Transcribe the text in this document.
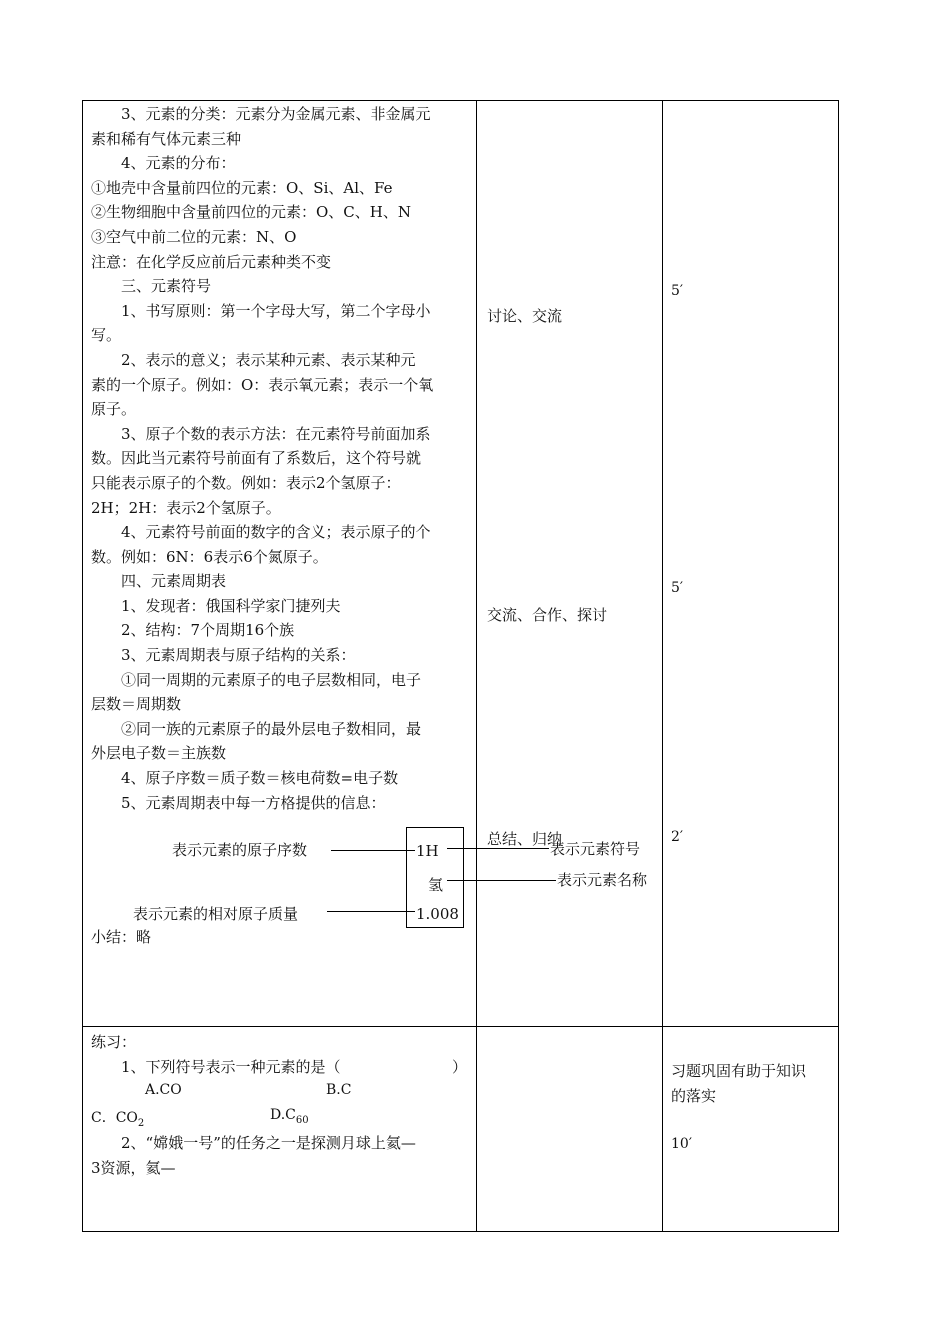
3、元素的分类：元素分为金属元素、非金属元

素和稀有气体元素三种

4、元素的分布：

①地壳中含量前四位的元素：O、Si、Al、Fe

②生物细胞中含量前四位的元素：O、C、H、N

③空气中前二位的元素：N、O

注意：在化学反应前后元素种类不变

三、元素符号

1、书写原则：第一个字母大写，第二个字母小

写。

2、表示的意义；表示某种元素、表示某种元

素的一个原子。例如：O：表示氧元素；表示一个氧

原子。

3、原子个数的表示方法：在元素符号前面加系

数。因此当元素符号前面有了系数后，这个符号就

只能表示原子的个数。例如：表示2个氢原子：

2H；2H：表示2个氢原子。

4、元素符号前面的数字的含义；表示原子的个

数。例如：6N：6表示6个氮原子。

四、元素周期表

1、发现者：俄国科学家门捷列夫

2、结构：7个周期16个族

3、元素周期表与原子结构的关系：

①同一周期的元素原子的电子层数相同，电子

层数＝周期数

②同一族的元素原子的最外层电子数相同，最

外层电子数＝主族数

4、原子序数＝质子数＝核电荷数=电子数

5、元素周期表中每一方格提供的信息：

1H
氢
1.008
表示元素的原子序数
表示元素的相对原子质量
表示元素符号
表示元素名称
小结：略
讨论、交流
交流、合作、探讨
总结、归纳
5′
5′
2′
练习：
1、下列符号表示一种元素的是（	）
A.CO	B.C
C．$CO_2$
$D.C_{60}$
2、“嫦娥一号”的任务之一是探测月球上氦—
3资源，氦—
习题巩固有助于知识
的落实
10′
